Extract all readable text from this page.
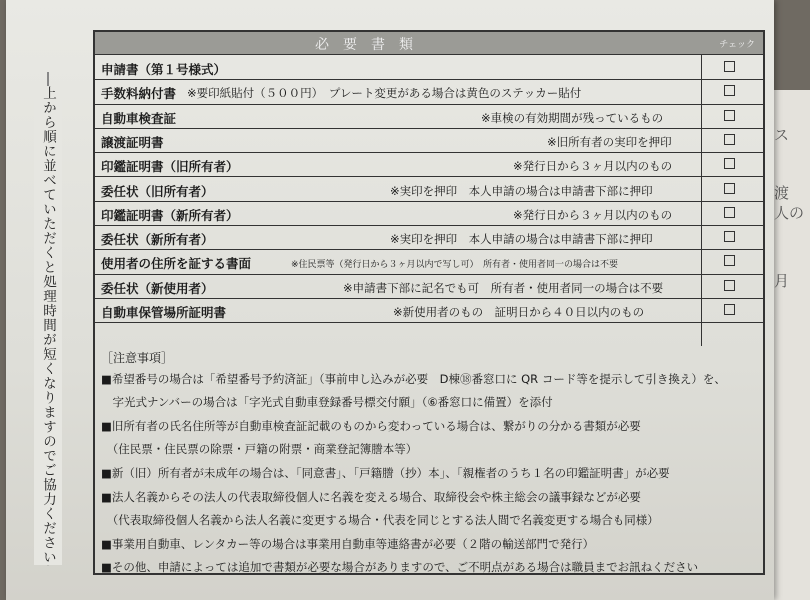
ス
渡
人の
月
上から順に並べていただくと処理時間が短くなりますのでご協力ください
必要書類	チェック
申請書（第１号様式）
手数料納付書 ※要印紙貼付（５００円）　プレート変更がある場合は黄色のステッカー貼付
自動車検査証	※車検の有効期間が残っているもの
譲渡証明書	※旧所有者の実印を押印
印鑑証明書（旧所有者）	※発行日から３ヶ月以内のもの
委任状（旧所有者）	※実印を押印　本人申請の場合は申請書下部に押印
印鑑証明書（新所有者）	※発行日から３ヶ月以内のもの
委任状（新所有者）	※実印を押印　本人申請の場合は申請書下部に押印
使用者の住所を証する書面	※住民票等（発行日から３ヶ月以内で写し可）　所有者・使用者同一の場合は不要
委任状（新使用者）	※申請書下部に記名でも可　所有者・使用者同一の場合は不要
自動車保管場所証明書	※新使用者のもの　証明日から４０日以内のもの
［注意事項］
■希望番号の場合は「希望番号予約済証」（事前申し込みが必要　D棟⑱番窓口に QR コード等を提示して引き換え）を、
　字光式ナンバーの場合は「字光式自動車登録番号標交付願」（⑥番窓口に備置）を添付
■旧所有者の氏名住所等が自動車検査証記載のものから変わっている場合は、繋がりの分かる書類が必要
　（住民票・住民票の除票・戸籍の附票・商業登記簿謄本等）
■新（旧）所有者が未成年の場合は、「同意書」、「戸籍謄（抄）本」、「親権者のうち１名の印鑑証明書」が必要
■法人名義からその法人の代表取締役個人に名義を変える場合、取締役会や株主総会の議事録などが必要
　（代表取締役個人名義から法人名義に変更する場合・代表を同じとする法人間で名義変更する場合も同様）
■事業用自動車、レンタカー等の場合は事業用自動車等連絡書が必要（２階の輸送部門で発行）
■その他、申請によっては追加で書類が必要な場合がありますので、ご不明点がある場合は職員までお訊ねください
